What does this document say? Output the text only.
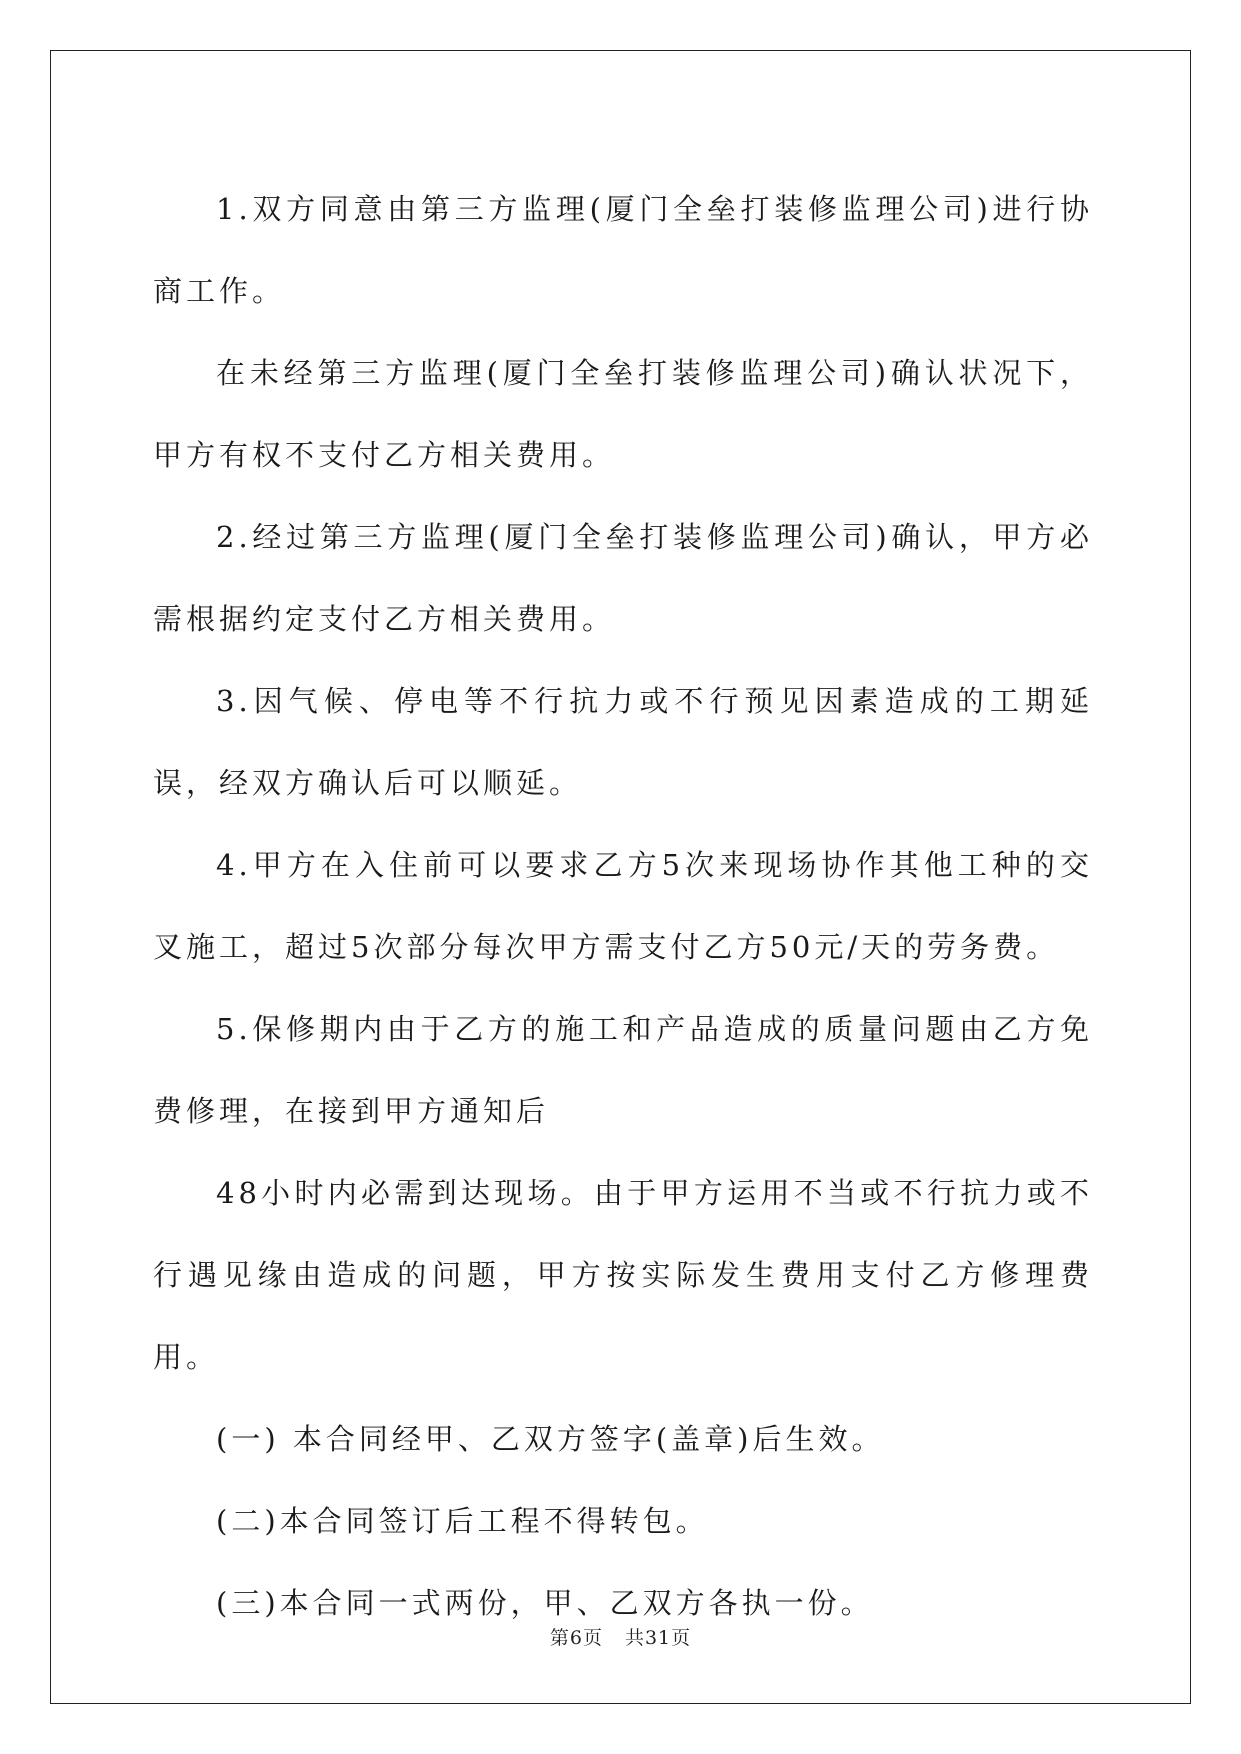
1.双方同意由第三方监理(厦门全垒打装修监理公司)进行协商工作。

在未经第三方监理(厦门全垒打装修监理公司)确认状况下，甲方有权不支付乙方相关费用。

2.经过第三方监理(厦门全垒打装修监理公司)确认，甲方必需根据约定支付乙方相关费用。

3.因气候、停电等不行抗力或不行预见因素造成的工期延误，经双方确认后可以顺延。

4.甲方在入住前可以要求乙方5次来现场协作其他工种的交叉施工，超过5次部分每次甲方需支付乙方50元/天的劳务费。

5.保修期内由于乙方的施工和产品造成的质量问题由乙方免费修理，在接到甲方通知后

48小时内必需到达现场。由于甲方运用不当或不行抗力或不行遇见缘由造成的问题，甲方按实际发生费用支付乙方修理费用。

(一) 本合同经甲、乙双方签字(盖章)后生效。

(二)本合同签订后工程不得转包。

(三)本合同一式两份，甲、乙双方各执一份。

第6页 共31页
